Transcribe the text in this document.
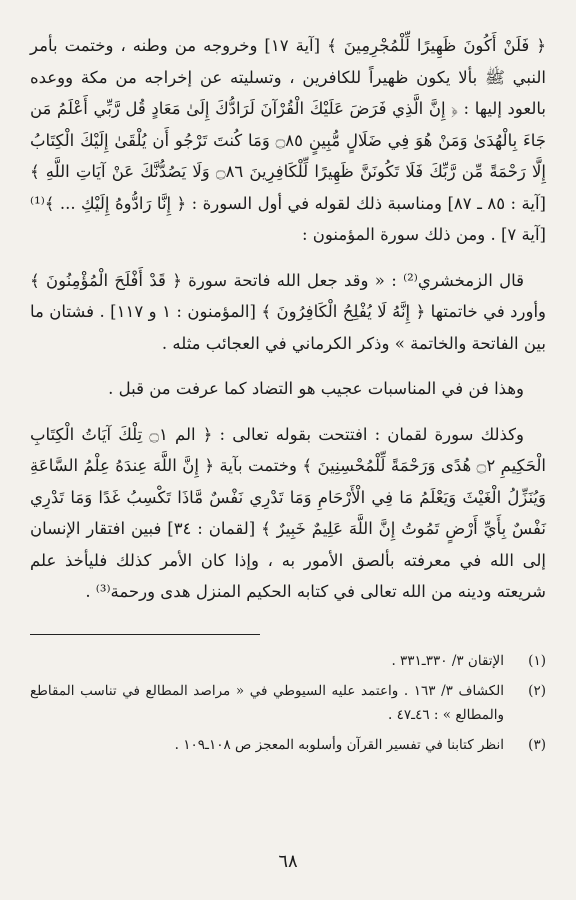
﴿ فَلَنْ أَكُونَ ظَهِيرًا لِّلْمُجْرِمِينَ ﴾ [آية ١٧] وخروجه من وطنه ، وختمت بأمر النبي ﷺ بألا يكون ظهيراً للكافرين ، وتسليته عن إخراجه من مكة ووعده بالعود إليها : ﴿ إِنَّ الَّذِي فَرَضَ عَلَيْكَ الْقُرْآنَ لَرَادُّكَ إِلَىٰ مَعَادٍ قُل رَّبِّي أَعْلَمُ مَن جَاءَ بِالْهُدَىٰ وَمَنْ هُوَ فِي ضَلَالٍ مُّبِينٍ ۝٨٥ وَمَا كُنتَ تَرْجُو أَن يُلْقَىٰ إِلَيْكَ الْكِتَابُ إِلَّا رَحْمَةً مِّن رَّبِّكَ فَلَا تَكُونَنَّ ظَهِيرًا لِّلْكَافِرِينَ ۝٨٦ وَلَا يَصُدُّنَّكَ عَنْ آيَاتِ اللَّهِ ﴾ [آية : ٨٥ ـ ٨٧] ومناسبة ذلك لقوله في أول السورة : ﴿ إِنَّا رَادُّوهُ إِلَيْكِ ... ﴾⁽¹⁾ [آية ٧] . ومن ذلك سورة المؤمنون :

قال الزمخشري⁽²⁾ : « وقد جعل الله فاتحة سورة ﴿ قَدْ أَفْلَحَ الْمُؤْمِنُونَ ﴾ وأورد في خاتمتها ﴿ إِنَّهُ لَا يُفْلِحُ الْكَافِرُونَ ﴾ [المؤمنون : ١ و ١١٧] . فشتان ما بين الفاتحة والخاتمة » وذكر الكرماني في العجائب مثله .

وهذا فن في المناسبات عجيب هو التضاد كما عرفت من قبل .

وكذلك سورة لقمان : افتتحت بقوله تعالى : ﴿ الم ۝١ تِلْكَ آيَاتُ الْكِتَابِ الْحَكِيمِ ۝٢ هُدًى وَرَحْمَةً لِّلْمُحْسِنِينَ ﴾ وختمت بآية ﴿ إِنَّ اللَّهَ عِندَهُ عِلْمُ السَّاعَةِ وَيُنَزِّلُ الْغَيْثَ وَيَعْلَمُ مَا فِي الْأَرْحَامِ وَمَا تَدْرِي نَفْسٌ مَّاذَا تَكْسِبُ غَدًا وَمَا تَدْرِي نَفْسٌ بِأَيِّ أَرْضٍ تَمُوتُ إِنَّ اللَّهَ عَلِيمٌ خَبِيرٌ ﴾ [لقمان : ٣٤] فبين افتقار الإنسان إلى الله في معرفته بألصق الأمور به ، وإذا كان الأمر كذلك فليأخذ علم شريعته ودينه من الله تعالى في كتابه الحكيم المنزل هدى ورحمة⁽³⁾ .

(١)
الإتقان ٣/ ٣٣٠ـ٣٣١ .
(٢)
الكشاف ٣/ ١٦٣ . واعتمد عليه السيوطي في « مراصد المطالع في تناسب المقاطع والمطالع » : ٤٦ـ٤٧ .
(٣)
انظر كتابنا في تفسير القرآن وأسلوبه المعجز ص ١٠٨ـ١٠٩ .
٦٨
